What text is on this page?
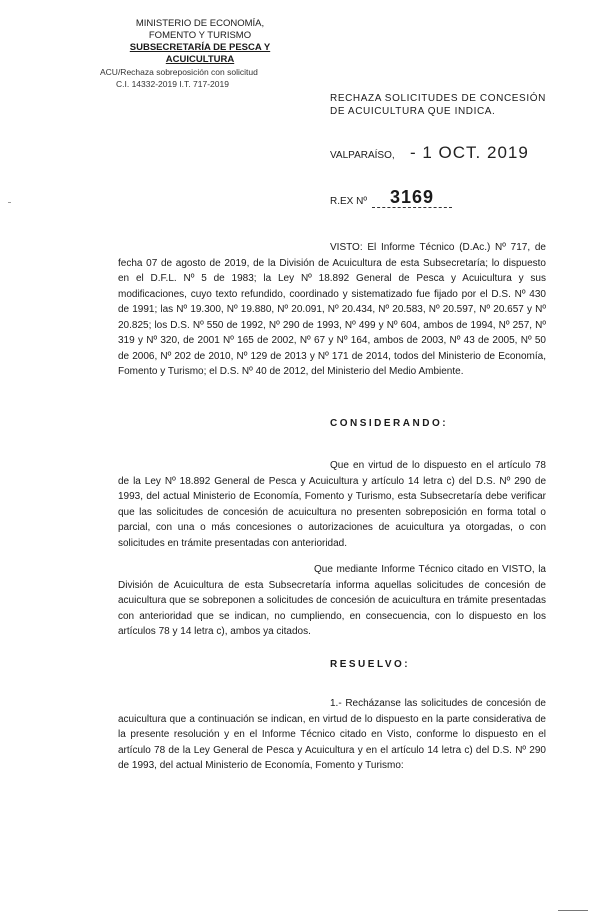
MINISTERIO DE ECONOMÍA,
FOMENTO Y TURISMO
SUBSECRETARÍA DE PESCA Y ACUICULTURA
ACU/Rechaza sobreposición con solicitud
C.I. 14332-2019 I.T. 717-2019
RECHAZA SOLICITUDES DE CONCESIÓN DE ACUICULTURA QUE INDICA.
VALPARAÍSO, - 1 OCT. 2019
R.EX Nº	3169
VISTO: El Informe Técnico (D.Ac.) Nº 717, de fecha 07 de agosto de 2019, de la División de Acuicultura de esta Subsecretaría; lo dispuesto en el D.F.L. Nº 5 de 1983; la Ley Nº 18.892 General de Pesca y Acuicultura y sus modificaciones, cuyo texto refundido, coordinado y sistematizado fue fijado por el D.S. Nº 430 de 1991; las Nº 19.300, Nº 19.880, Nº 20.091, Nº 20.434, Nº 20.583, Nº 20.597, Nº 20.657 y Nº 20.825; los D.S. Nº 550 de 1992, Nº 290 de 1993, Nº 499 y Nº 604, ambos de 1994, Nº 257, Nº 319 y Nº 320, de 2001 Nº 165 de 2002, Nº 67 y Nº 164, ambos de 2003, Nº 43 de 2005, Nº 50 de 2006, Nº 202 de 2010, Nº 129 de 2013 y Nº 171 de 2014, todos del Ministerio de Economía, Fomento y Turismo; el D.S. Nº 40 de 2012, del Ministerio del Medio Ambiente.
CONSIDERANDO:
Que en virtud de lo dispuesto en el artículo 78 de la Ley Nº 18.892 General de Pesca y Acuicultura y artículo 14 letra c) del D.S. Nº 290 de 1993, del actual Ministerio de Economía, Fomento y Turismo, esta Subsecretaría debe verificar que las solicitudes de concesión de acuicultura no presenten sobreposición en forma total o parcial, con una o más concesiones o autorizaciones de acuicultura ya otorgadas, o con solicitudes en trámite presentadas con anterioridad.
Que mediante Informe Técnico citado en VISTO, la División de Acuicultura de esta Subsecretaría informa aquellas solicitudes de concesión de acuicultura que se sobreponen a solicitudes de concesión de acuicultura en trámite presentadas con anterioridad que se indican, no cumpliendo, en consecuencia, con lo dispuesto en los artículos 78 y 14 letra c), ambos ya citados.
RESUELVO:
1.- Recházanse las solicitudes de concesión de acuicultura que a continuación se indican, en virtud de lo dispuesto en la parte considerativa de la presente resolución y en el Informe Técnico citado en Visto, conforme lo dispuesto en el artículo 78 de la Ley General de Pesca y Acuicultura y en el artículo 14 letra c) del D.S. Nº 290 de 1993, del actual Ministerio de Economía, Fomento y Turismo:
